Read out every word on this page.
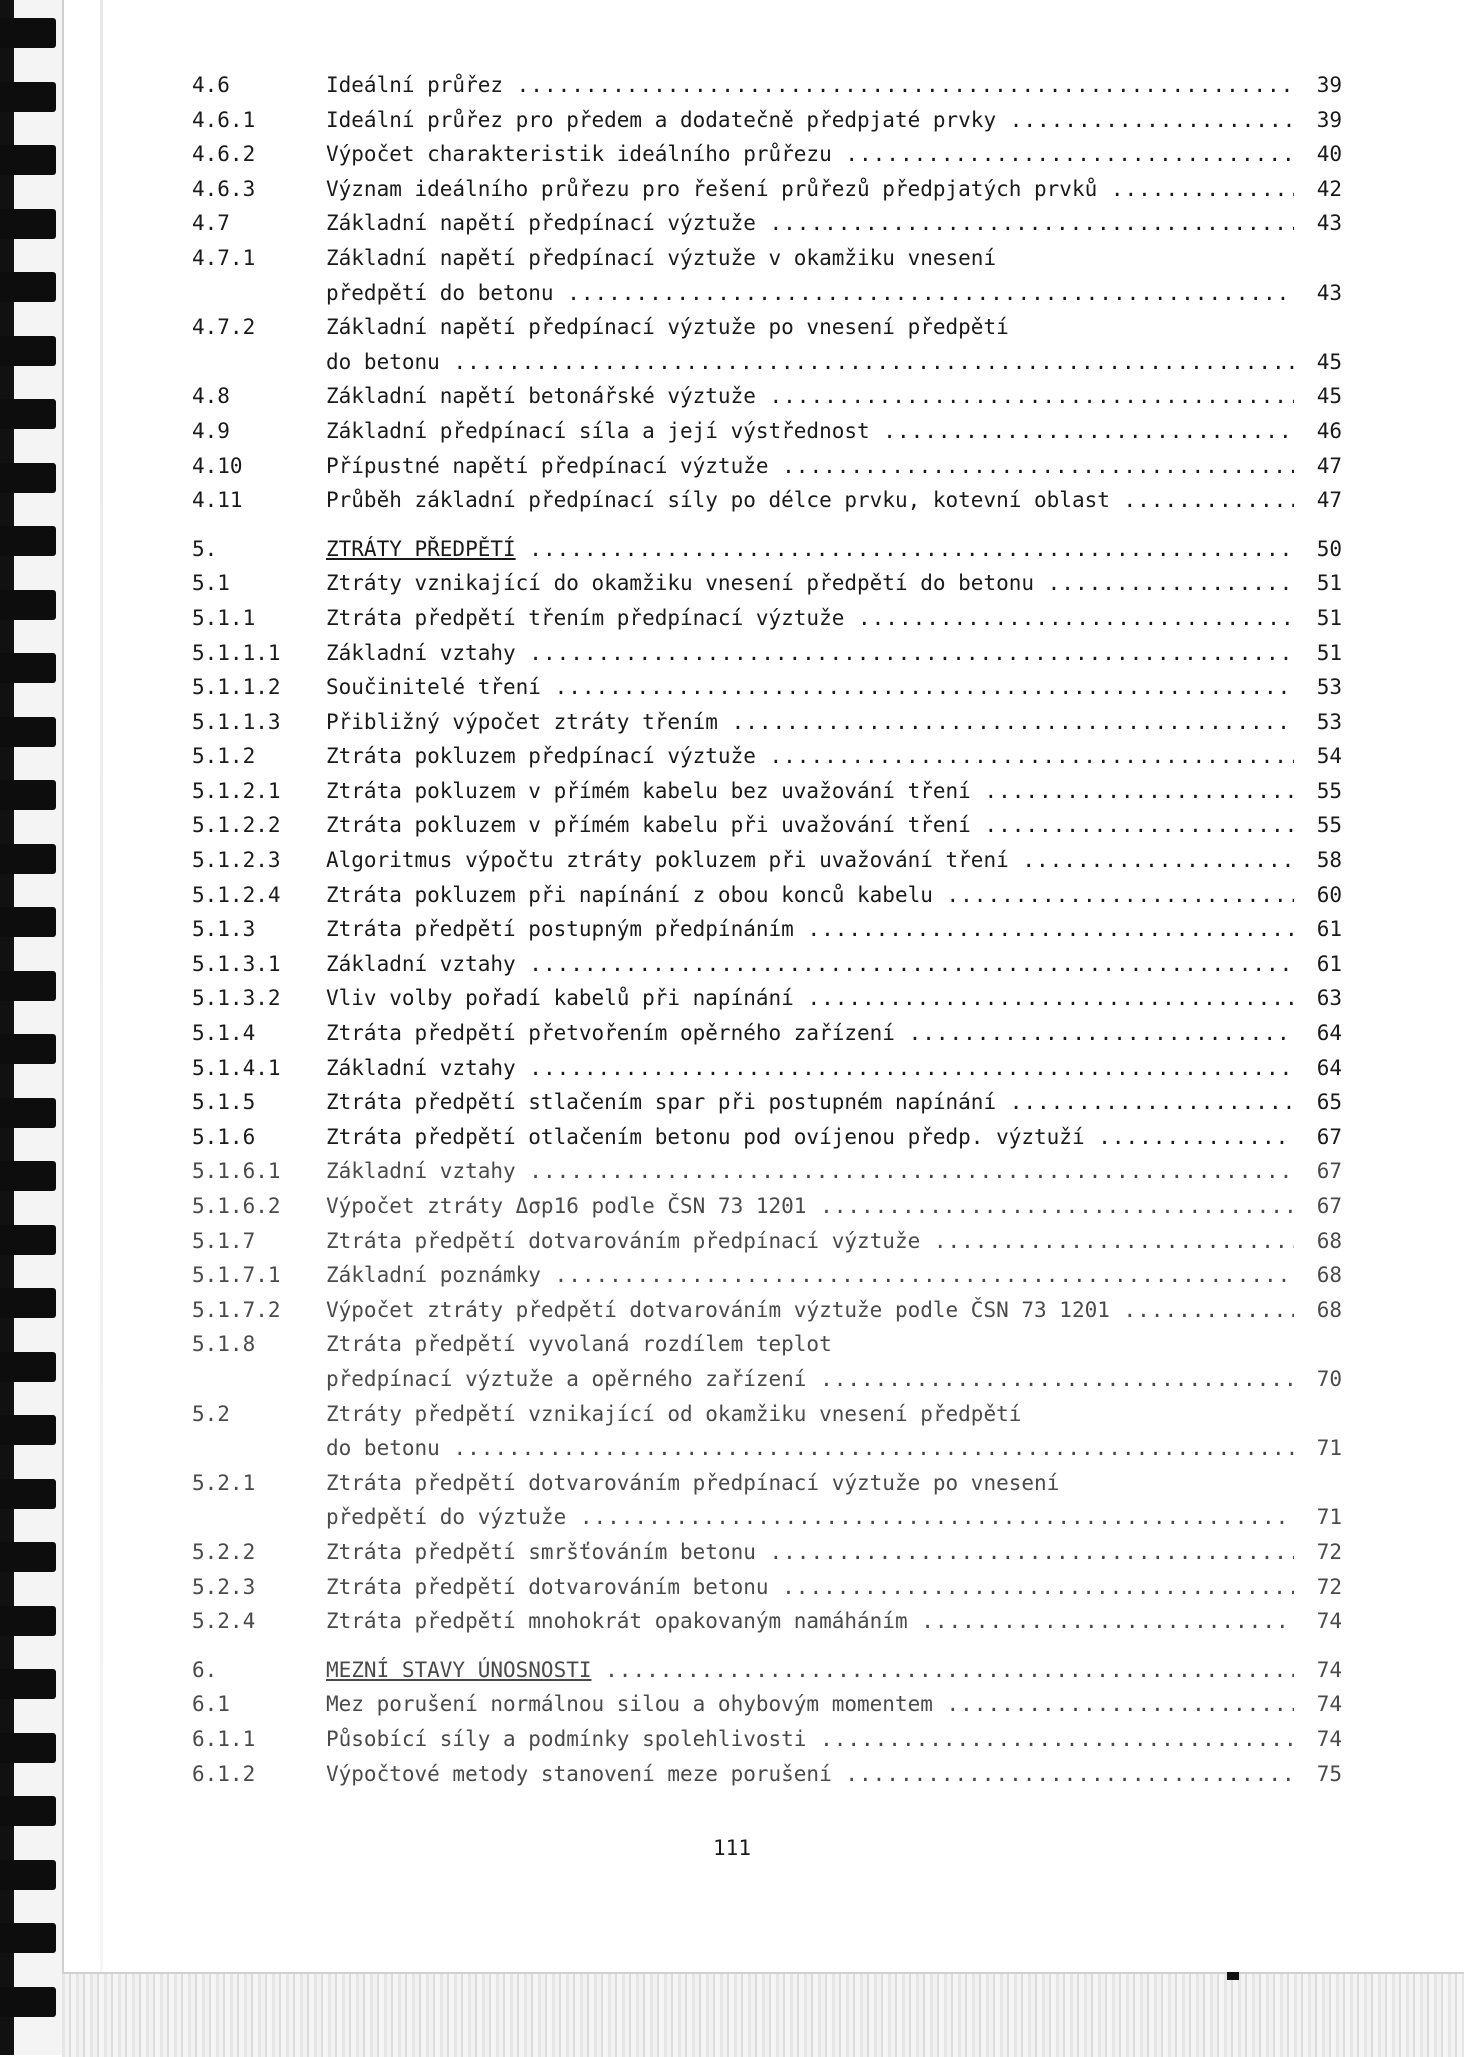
4.6	Ideální průřez .....	39
4.6.1	Ideální průřez pro předem a dodatečně předpjaté prvky .....	39
4.6.2	Výpočet charakteristik ideálního průřezu .....	40
4.6.3	Význam ideálního průřezu pro řešení průřezů předpjatých prvků .....	42
4.7	Základní napětí předpínací výztuže .....	43
4.7.1	Základní napětí předpínací výztuže v okamžiku vnesení
předpětí do betonu .....	43
4.7.2	Základní napětí předpínací výztuže po vnesení předpětí
do betonu .....	45
4.8	Základní napětí betonářské výztuže .....	45
4.9	Základní předpínací síla a její výstřednost .....	46
4.10	Přípustné napětí předpínací výztuže .....	47
4.11	Průběh základní předpínací síly po délce prvku, kotevní oblast .....	47
5.	ZTRÁTY PŘEDPĚTÍ .....	50
5.1	Ztráty vznikající do okamžiku vnesení předpětí do betonu .....	51
5.1.1	Ztráta předpětí třením předpínací výztuže .....	51
5.1.1.1	Základní vztahy .....	51
5.1.1.2	Součinitelé tření .....	53
5.1.1.3	Přibližný výpočet ztráty třením .....	53
5.1.2	Ztráta pokluzem předpínací výztuže .....	54
5.1.2.1	Ztráta pokluzem v přímém kabelu bez uvažování tření .....	55
5.1.2.2	Ztráta pokluzem v přímém kabelu při uvažování tření .....	55
5.1.2.3	Algoritmus výpočtu ztráty pokluzem při uvažování tření .....	58
5.1.2.4	Ztráta pokluzem při napínání z obou konců kabelu .....	60
5.1.3	Ztráta předpětí postupným předpínáním .....	61
5.1.3.1	Základní vztahy .....	61
5.1.3.2	Vliv volby pořadí kabelů při napínání .....	63
5.1.4	Ztráta předpětí přetvořením opěrného zařízení .....	64
5.1.4.1	Základní vztahy .....	64
5.1.5	Ztráta předpětí stlačením spar při postupném napínání .....	65
5.1.6	Ztráta předpětí otlačením betonu pod ovíjenou předp. výztuží .....	67
5.1.6.1	Základní vztahy .....	67
5.1.6.2	Výpočet ztráty Δσp16 podle ČSN 73 1201 .....	67
5.1.7	Ztráta předpětí dotvarováním předpínací výztuže .....	68
5.1.7.1	Základní poznámky .....	68
5.1.7.2	Výpočet ztráty předpětí dotvarováním výztuže podle ČSN 73 1201 .....	68
5.1.8	Ztráta předpětí vyvolaná rozdílem teplot
předpínací výztuže a opěrného zařízení .....	70
5.2	Ztráty předpětí vznikající od okamžiku vnesení předpětí
do betonu .....	71
5.2.1	Ztráta předpětí dotvarováním předpínací výztuže po vnesení
předpětí do výztuže .....	71
5.2.2	Ztráta předpětí smršťováním betonu .....	72
5.2.3	Ztráta předpětí dotvarováním betonu .....	72
5.2.4	Ztráta předpětí mnohokrát opakovaným namáháním .....	74
6.	MEZNÍ STAVY ÚNOSNOSTI .....	74
6.1	Mez porušení normálnou silou a ohybovým momentem .....	74
6.1.1	Působící síly a podmínky spolehlivosti .....	74
6.1.2	Výpočtové metody stanovení meze porušení .....	75
111
